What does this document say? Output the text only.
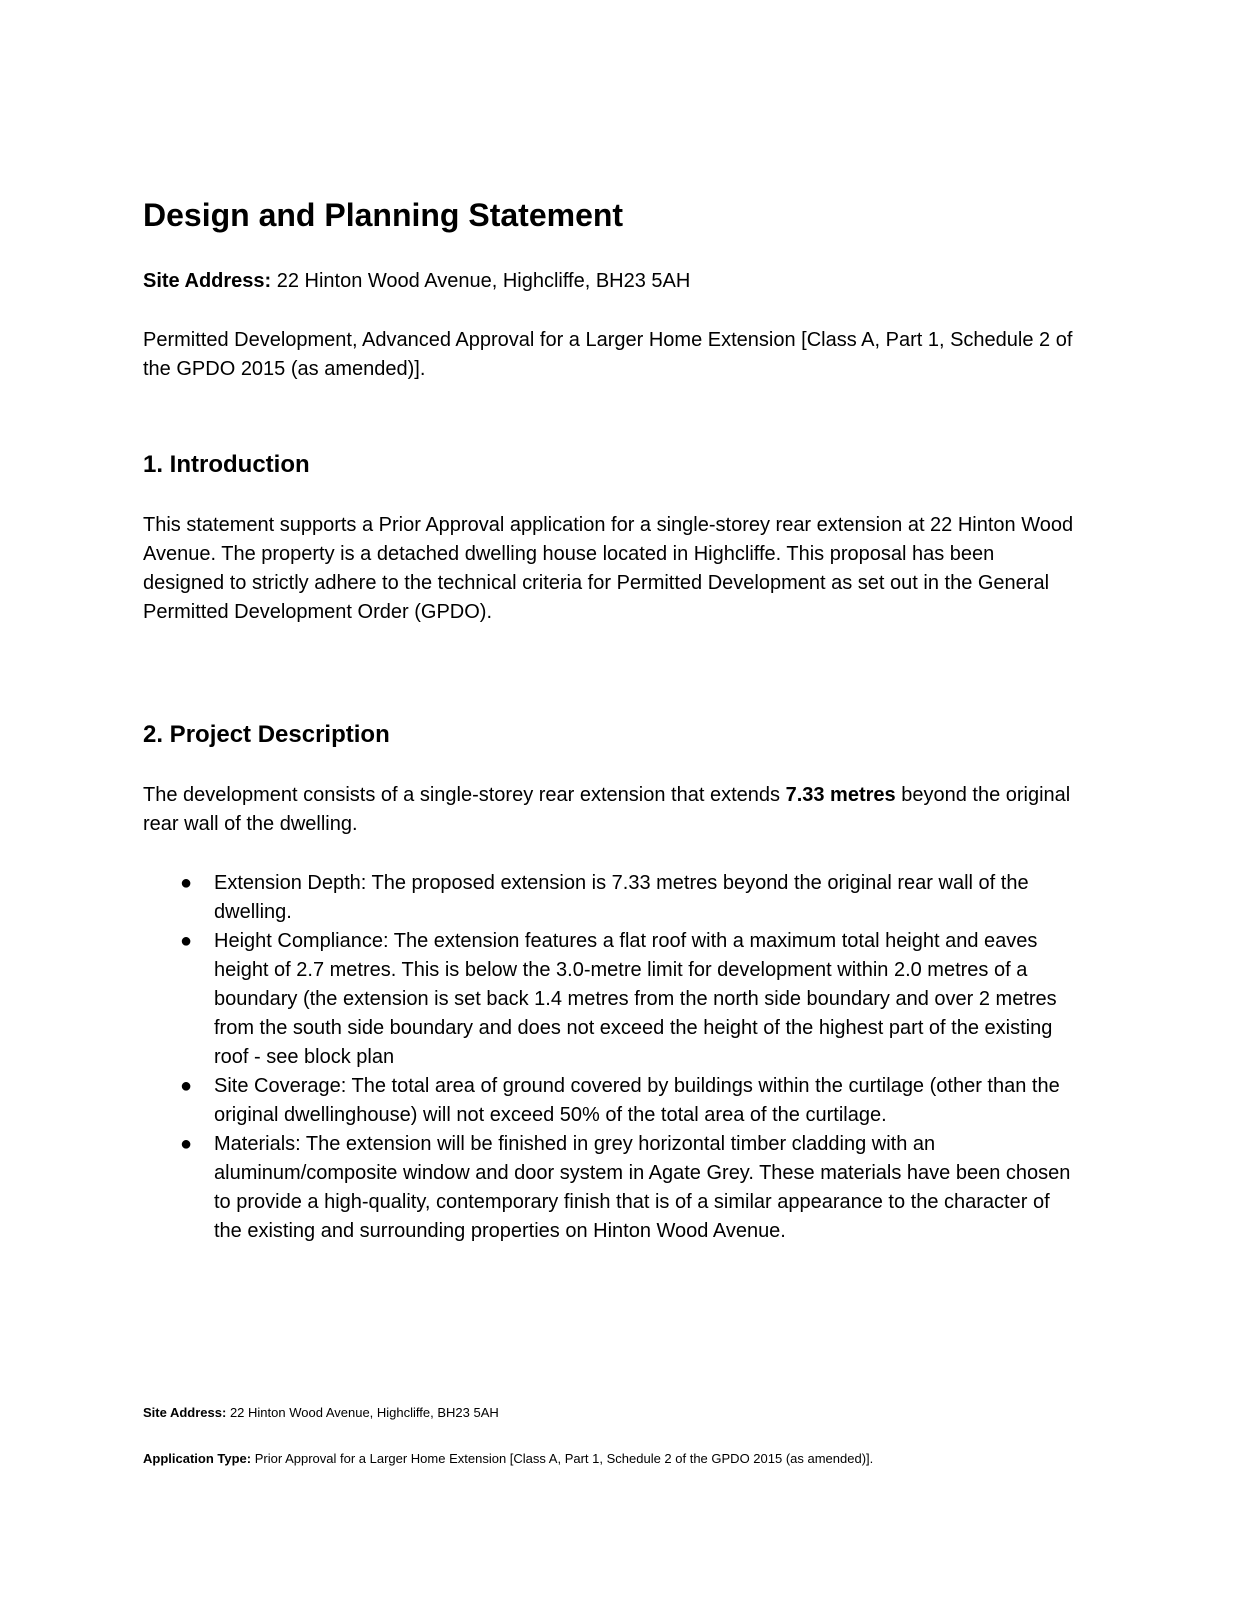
Design and Planning Statement

Site Address: 22 Hinton Wood Avenue, Highcliffe, BH23 5AH

Permitted Development, Advanced Approval for a Larger Home Extension [Class A, Part 1, Schedule 2 of the GPDO 2015 (as amended)].

1. Introduction

This statement supports a Prior Approval application for a single-storey rear extension at 22 Hinton Wood Avenue. The property is a detached dwelling house located in Highcliffe. This proposal has been designed to strictly adhere to the technical criteria for Permitted Development as set out in the General Permitted Development Order (GPDO).

2. Project Description

The development consists of a single-storey rear extension that extends 7.33 metres beyond the original rear wall of the dwelling.

● Extension Depth: The proposed extension is 7.33 metres beyond the original rear wall of the dwelling.
● Height Compliance: The extension features a flat roof with a maximum total height and eaves height of 2.7 metres. This is below the 3.0-metre limit for development within 2.0 metres of a boundary (the extension is set back 1.4 metres from the north side boundary and over 2 metres from the south side boundary and does not exceed the height of the highest part of the existing roof - see block plan
● Site Coverage: The total area of ground covered by buildings within the curtilage (other than the original dwellinghouse) will not exceed 50% of the total area of the curtilage.
● Materials: The extension will be finished in grey horizontal timber cladding with an aluminum/composite window and door system in Agate Grey. These materials have been chosen to provide a high-quality, contemporary finish that is of a similar appearance to the character of the existing and surrounding properties on Hinton Wood Avenue.
Site Address: 22 Hinton Wood Avenue, Highcliffe, BH23 5AH
Application Type: Prior Approval for a Larger Home Extension [Class A, Part 1, Schedule 2 of the GPDO 2015 (as amended)].
